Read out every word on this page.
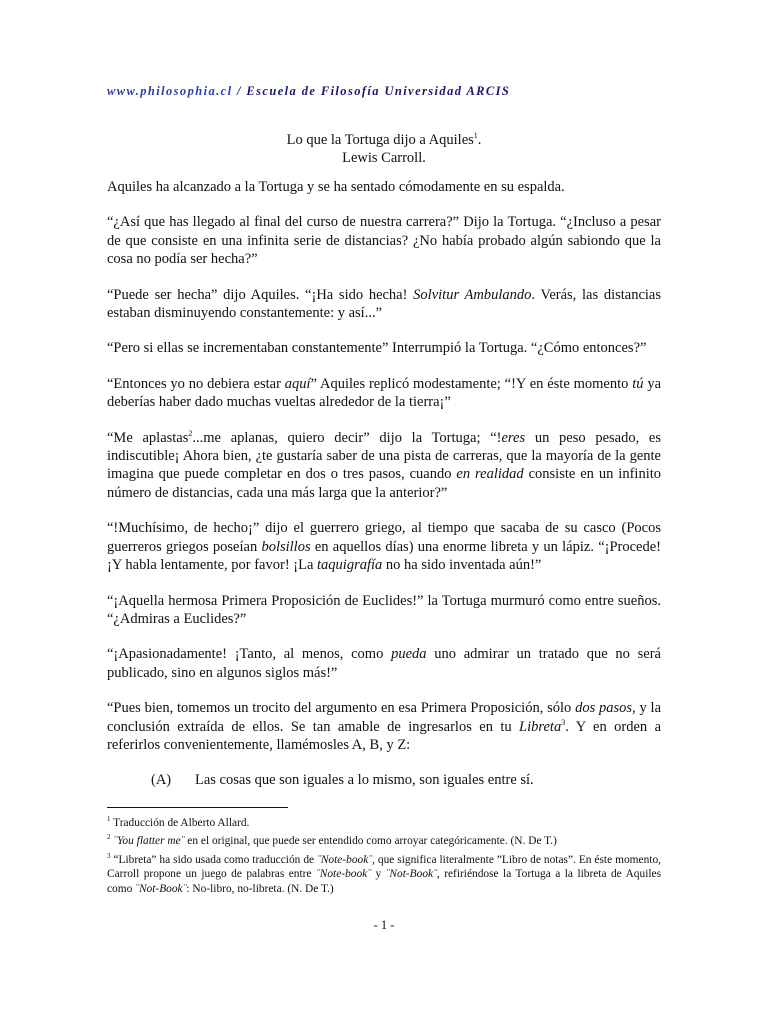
www.philosophia.cl / Escuela de Filosofía Universidad ARCIS
Lo que la Tortuga dijo a Aquiles$^1$.
Lewis Carroll.

Aquiles ha alcanzado a la Tortuga y se ha sentado cómodamente en su espalda.

“¿Así que has llegado al final del curso de nuestra carrera?” Dijo la Tortuga. “¿Incluso a pesar de que consiste en una infinita serie de distancias? ¿No había probado algún sabiondo que la cosa no podía ser hecha?”

“Puede ser hecha” dijo Aquiles. “¡Ha sido hecha! Solvitur Ambulando. Verás, las distancias estaban disminuyendo constantemente: y así...”

“Pero si ellas se incrementaban constantemente” Interrumpió la Tortuga. “¿Cómo entonces?”

“Entonces yo no debiera estar aquí” Aquiles replicó modestamente; “!Y en éste momento tú ya deberías haber dado muchas vueltas alrededor de la tierra¡”

“Me aplastas$^2$...me aplanas, quiero decir” dijo la Tortuga; “!eres un peso pesado, es indiscutible¡ Ahora bien, ¿te gustaría saber de una pista de carreras, que la mayoría de la gente imagina que puede completar en dos o tres pasos, cuando en realidad consiste en un infinito número de distancias, cada una más larga que la anterior?”

“!Muchísimo, de hecho¡” dijo el guerrero griego, al tiempo que sacaba de su casco (Pocos guerreros griegos poseían bolsillos en aquellos días) una enorme libreta y un lápiz. “¡Procede! ¡Y habla lentamente, por favor! ¡La taquigrafía no ha sido inventada aún!”

“¡Aquella hermosa Primera Proposición de Euclides!” la Tortuga murmuró como entre sueños. “¿Admiras a Euclides?”

“¡Apasionadamente! ¡Tanto, al menos, como pueda uno admirar un tratado que no será publicado, sino en algunos siglos más!”

“Pues bien, tomemos un trocito del argumento en esa Primera Proposición, sólo dos pasos, y la conclusión extraída de ellos. Se tan amable de ingresarlos en tu Libreta$^3$. Y en orden a referirlos convenientemente, llamémosles A, B, y Z:

(A)	Las cosas que son iguales a lo mismo, son iguales entre sí.

$^1$ Traducción de Alberto Allard.

$^2$ ¨You flatter me¨ en el original, que puede ser entendido como arroyar categóricamente. (N. De T.)

$^3$ “Libreta” ha sido usada como traducción de ¨Note-book¨, que significa literalmente ”Libro de notas”. En éste momento, Carroll propone un juego de palabras entre ¨Note-book¨ y ¨Not-Book¨, refiriéndose la Tortuga a la libreta de Aquiles como ¨Not-Book¨: No-libro, no-libreta. (N. De T.)

- 1 -
